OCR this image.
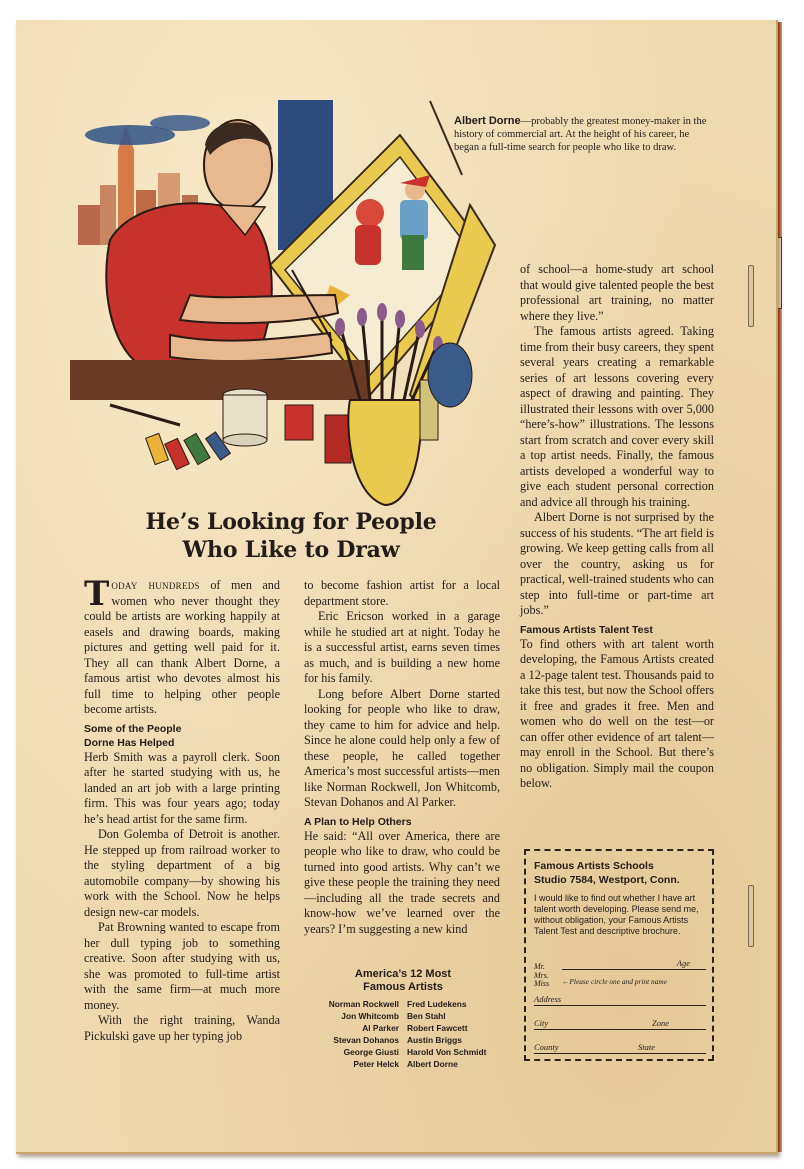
Albert Dorne—probably the greatest money-maker in the history of commercial art. At the height of his career, he began a full-time search for people who like to draw.
He’s Looking for People
Who Like to Draw

Today hundreds of men and women who never thought they could be artists are working happily at easels and drawing boards, making pictures and getting well paid for it. They all can thank Albert Dorne, a famous artist who devotes almost his full time to helping other people become artists.

Some of the People
Dorne Has Helped

Herb Smith was a payroll clerk. Soon after he started studying with us, he landed an art job with a large printing firm. This was four years ago; today he’s head artist for the same firm.

Don Golemba of Detroit is another. He stepped up from railroad worker to the styling department of a big automobile company—by showing his work with the School. Now he helps design new-car models.

Pat Browning wanted to escape from her dull typing job to something creative. Soon after studying with us, she was promoted to full-time artist with the same firm—at much more money.

With the right training, Wanda Pickulski gave up her typing job

to become fashion artist for a local department store.

Eric Ericson worked in a garage while he studied art at night. Today he is a successful artist, earns seven times as much, and is building a new home for his family.

Long before Albert Dorne started looking for people who like to draw, they came to him for advice and help. Since he alone could help only a few of these people, he called together America’s most successful artists—men like Norman Rockwell, Jon Whitcomb, Stevan Dohanos and Al Parker.

A Plan to Help Others

He said: “All over America, there are people who like to draw, who could be turned into good artists. Why can’t we give these people the training they need—including all the trade secrets and know-how we’ve learned over the years? I’m suggesting a new kind

America’s 12 Most
Famous Artists
Norman Rockwell Fred Ludekens
Jon Whitcomb Ben Stahl
Al Parker Robert Fawcett
Stevan Dohanos Austin Briggs
George Giusti Harold Von Schmidt
Peter Helck Albert Dorne

of school—a home-study art school that would give talented people the best professional art training, no matter where they live.”

The famous artists agreed. Taking time from their busy careers, they spent several years creating a remarkable series of art lessons covering every aspect of drawing and painting. They illustrated their lessons with over 5,000 “here’s-how” illustrations. The lessons start from scratch and cover every skill a top artist needs. Finally, the famous artists developed a wonderful way to give each student personal correction and advice all through his training.

Albert Dorne is not surprised by the success of his students. “The art field is growing. We keep getting calls from all over the country, asking us for practical, well-trained students who can step into full-time or part-time art jobs.”

Famous Artists Talent Test

To find others with art talent worth developing, the Famous Artists created a 12-page talent test. Thousands paid to take this test, but now the School offers it free and grades it free. Men and women who do well on the test—or can offer other evidence of art talent—may enroll in the School. But there’s no obligation. Simply mail the coupon below.

Famous Artists Schools
Studio 7584, Westport, Conn.
I would like to find out whether I have art talent worth developing. Please send me, without obligation, your Famous Artists Talent Test and descriptive brochure.
Mr.
Mrs.
Miss
Age
←Please circle one and print name
Address
City	Zone
County	State
